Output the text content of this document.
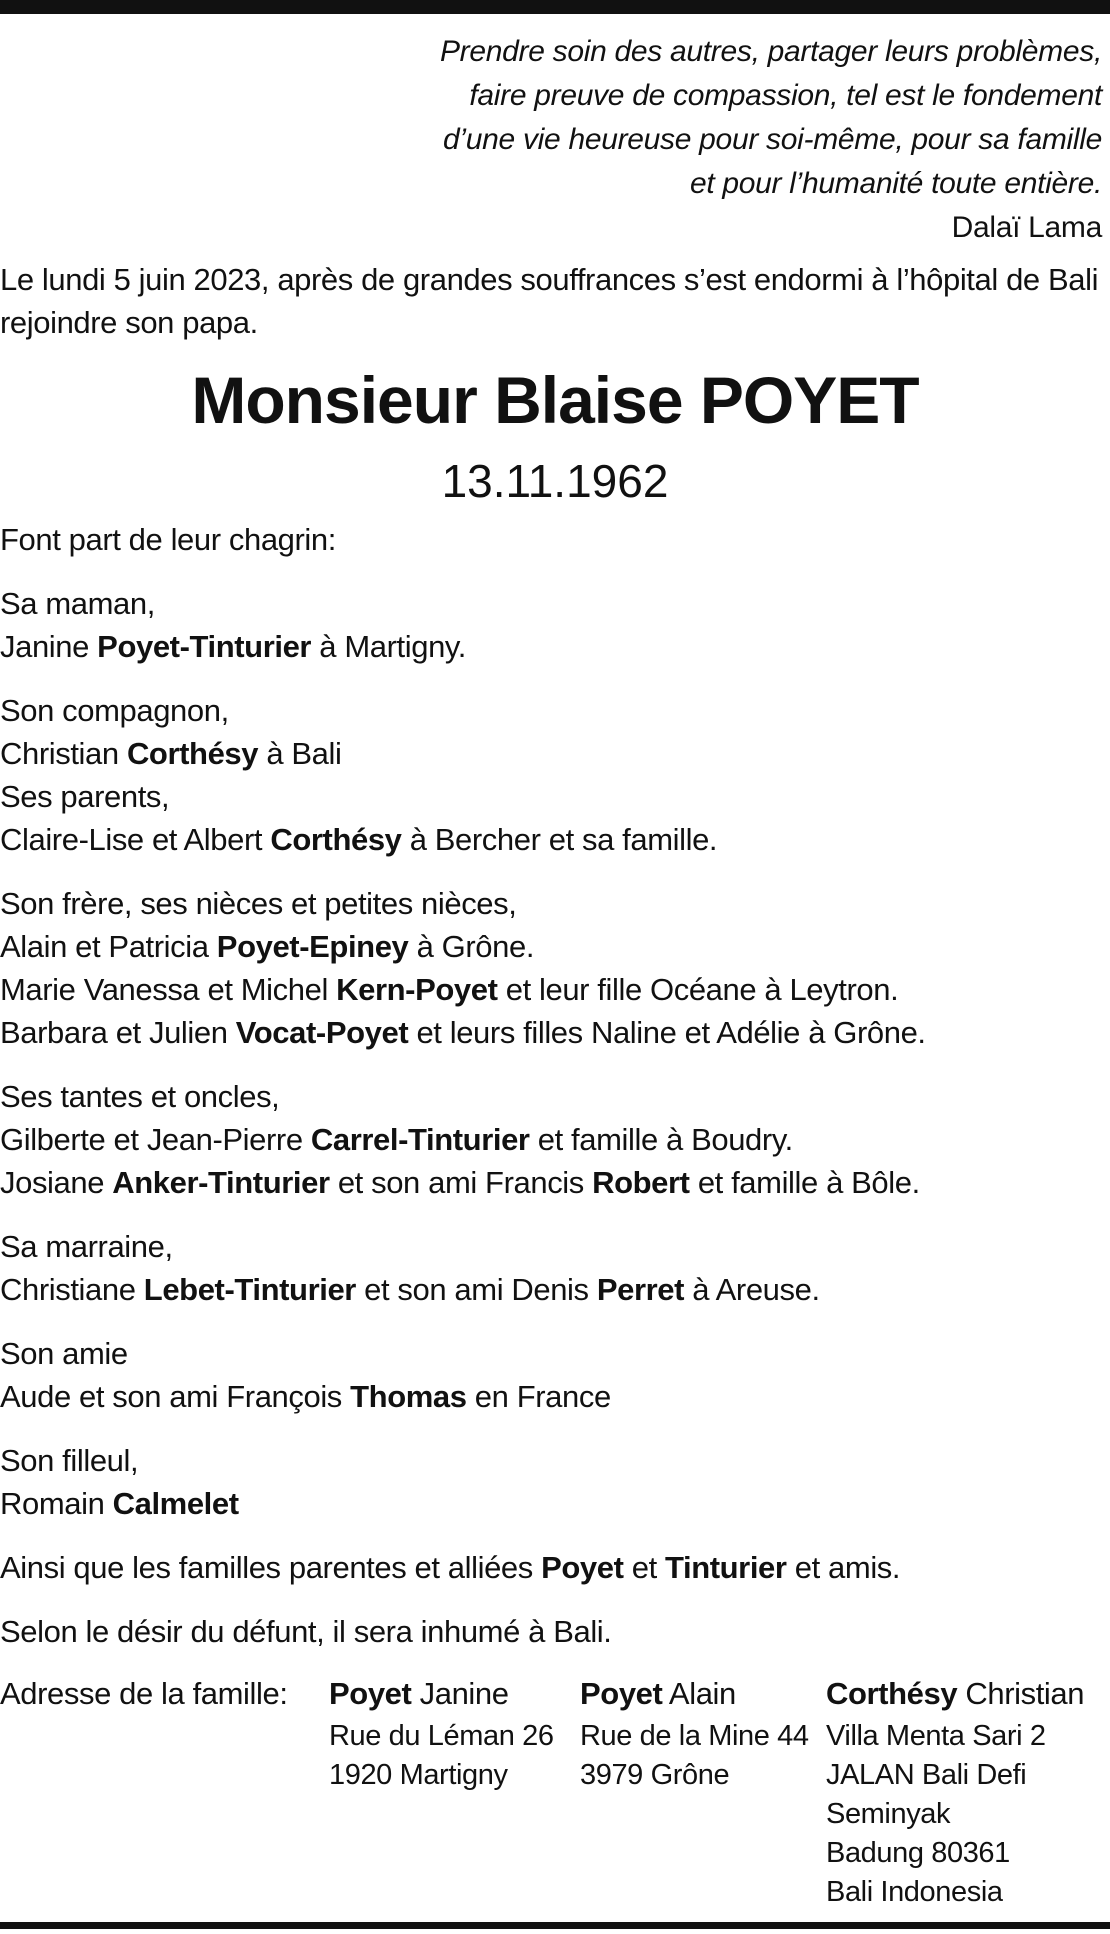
Prendre soin des autres, partager leurs problèmes,
faire preuve de compassion, tel est le fondement
d’une vie heureuse pour soi-même, pour sa famille
et pour l’humanité toute entière.
Dalaï Lama
Le lundi 5 juin 2023, après de grandes souffrances s’est endormi à l’hôpital de Bali rejoindre son papa.
Monsieur Blaise POYET
13.11.1962

Font part de leur chagrin:

Sa maman,
Janine Poyet-Tinturier à Martigny.

Son compagnon,
Christian Corthésy à Bali
Ses parents,
Claire-Lise et Albert Corthésy à Bercher et sa famille.

Son frère, ses nièces et petites nièces,
Alain et Patricia Poyet-Epiney à Grône.
Marie Vanessa et Michel Kern-Poyet et leur fille Océane à Leytron.
Barbara et Julien Vocat-Poyet et leurs filles Naline et Adélie à Grône.

Ses tantes et oncles,
Gilberte et Jean-Pierre Carrel-Tinturier et famille à Boudry.
Josiane Anker-Tinturier et son ami Francis Robert et famille à Bôle.

Sa marraine,
Christiane Lebet-Tinturier et son ami Denis Perret à Areuse.

Son amie
Aude et son ami François Thomas en France

Son filleul,
Romain Calmelet

Ainsi que les familles parentes et alliées Poyet et Tinturier et amis.

Selon le désir du défunt, il sera inhumé à Bali.

Adresse de la famille: Poyet Janine
Rue du Léman 26
1920 Martigny
Poyet Alain
Rue de la Mine 44
3979 Grône
Corthésy Christian
Villa Menta Sari 2
JALAN Bali Defi
Seminyak
Badung 80361
Bali Indonesia
